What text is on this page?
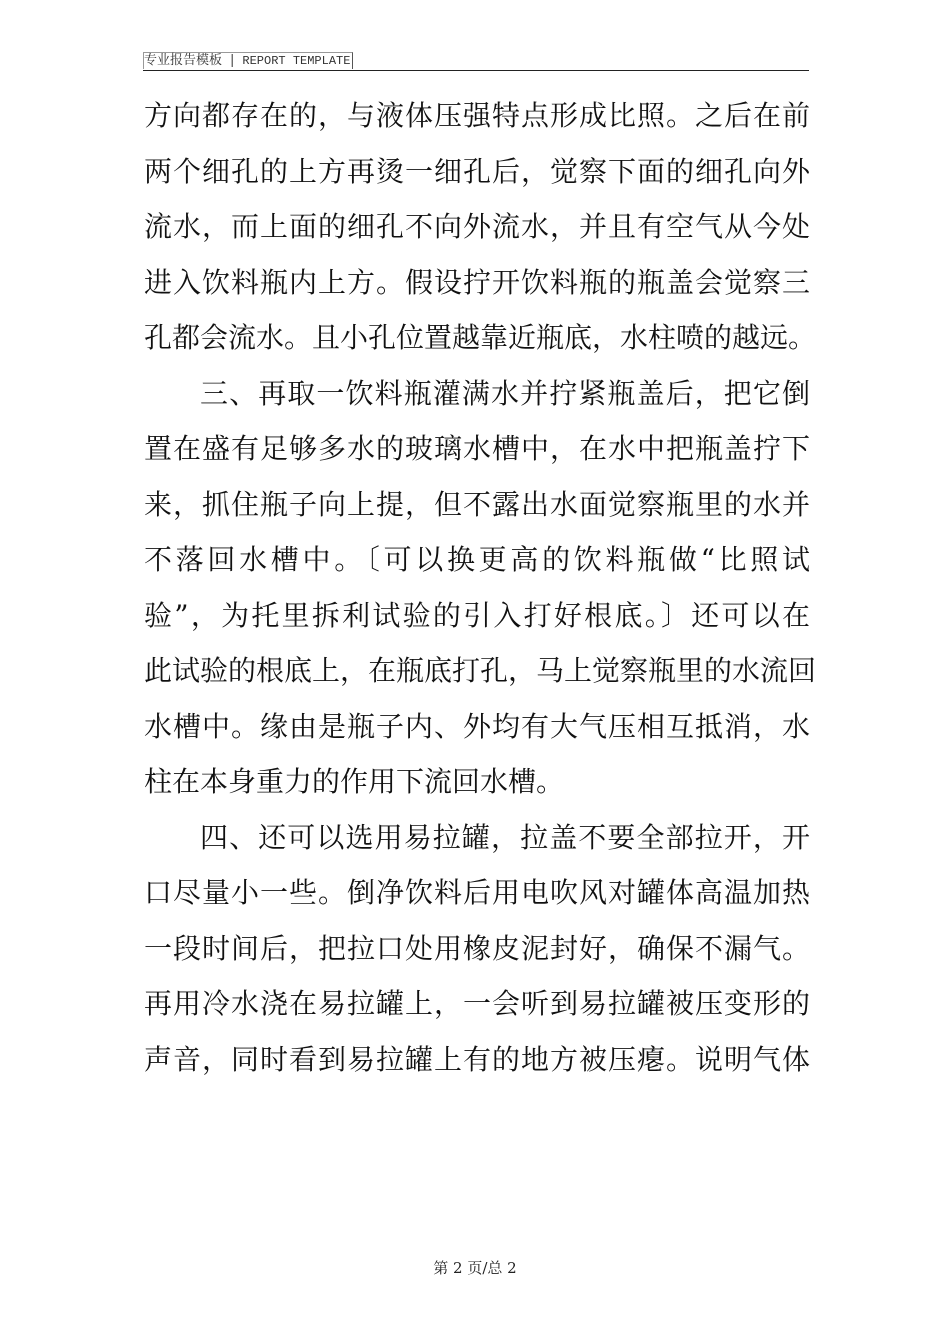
专业报告模板 | REPORT TEMPLATE
方向都存在的，与液体压强特点形成比照。之后在前
两个细孔的上方再烫一细孔后，觉察下面的细孔向外
流水，而上面的细孔不向外流水，并且有空气从今处
进入饮料瓶内上方。假设拧开饮料瓶的瓶盖会觉察三
孔都会流水。且小孔位置越靠近瓶底，水柱喷的越远。
三、再取一饮料瓶灌满水并拧紧瓶盖后，把它倒
置在盛有足够多水的玻璃水槽中，在水中把瓶盖拧下
来，抓住瓶子向上提，但不露出水面觉察瓶里的水并
不落回水槽中。〔可以换更高的饮料瓶做“比照试
验”，为托里拆利试验的引入打好根底。〕还可以在
此试验的根底上，在瓶底打孔，马上觉察瓶里的水流回
水槽中。缘由是瓶子内、外均有大气压相互抵消，水
柱在本身重力的作用下流回水槽。
四、还可以选用易拉罐，拉盖不要全部拉开，开
口尽量小一些。倒净饮料后用电吹风对罐体高温加热
一段时间后，把拉口处用橡皮泥封好，确保不漏气。
再用冷水浇在易拉罐上，一会听到易拉罐被压变形的
声音，同时看到易拉罐上有的地方被压瘪。说明气体
第 2 页/总 2
